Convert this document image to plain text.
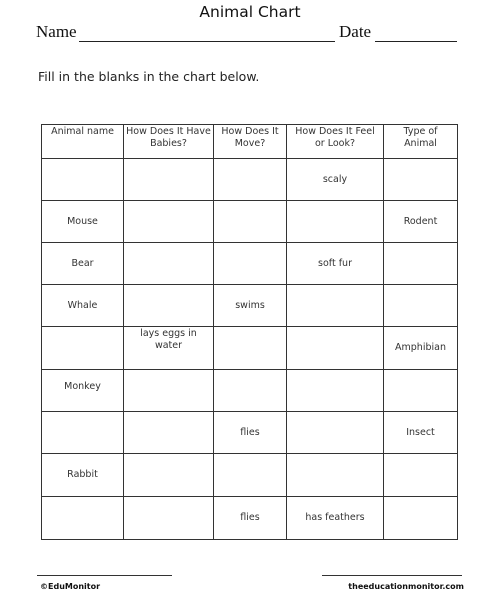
Animal Chart
Name	Date
Fill in the blanks in the chart below.
Animal name	How Does It Have Babies?	How Does It Move?	How Does It Feel or Look?	Type of Animal
			scaly	
Mouse				Rodent
Bear			soft fur	
Whale		swims		
	lays eggs in water			Amphibian
Monkey				
		flies		Insect
Rabbit				
		flies	has feathers	
©EduMonitor	theeducationmonitor.com
